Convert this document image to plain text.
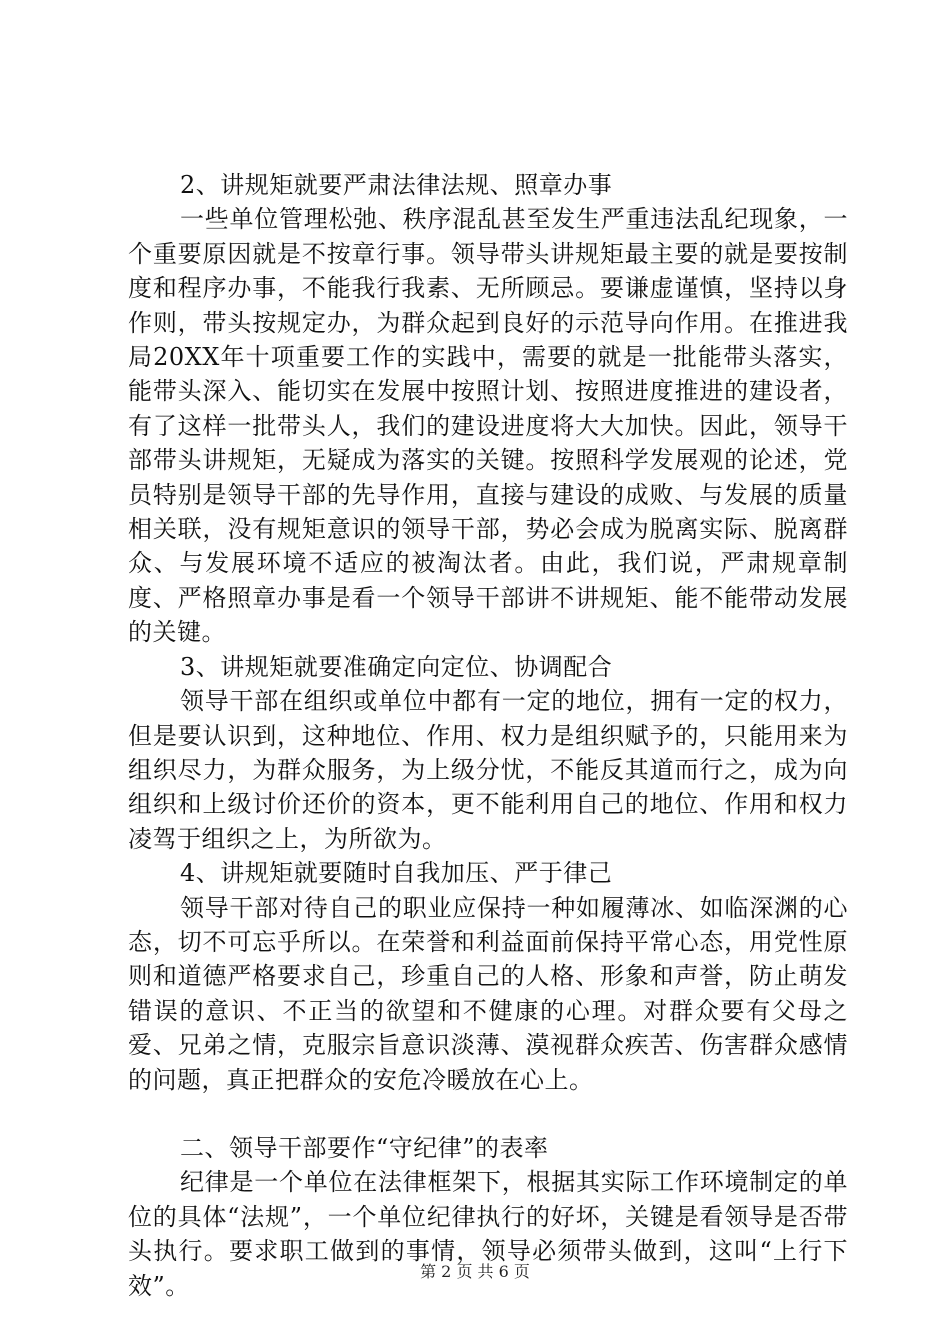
2、讲规矩就要严肃法律法规、照章办事

一些单位管理松弛、秩序混乱甚至发生严重违法乱纪现象，一个重要原因就是不按章行事。领导带头讲规矩最主要的就是要按制度和程序办事，不能我行我素、无所顾忌。要谦虚谨慎，坚持以身作则，带头按规定办，为群众起到良好的示范导向作用。在推进我局20XX年十项重要工作的实践中，需要的就是一批能带头落实，能带头深入、能切实在发展中按照计划、按照进度推进的建设者，有了这样一批带头人，我们的建设进度将大大加快。因此，领导干部带头讲规矩，无疑成为落实的关键。按照科学发展观的论述，党员特别是领导干部的先导作用，直接与建设的成败、与发展的质量相关联，没有规矩意识的领导干部，势必会成为脱离实际、脱离群众、与发展环境不适应的被淘汰者。由此，我们说，严肃规章制度、严格照章办事是看一个领导干部讲不讲规矩、能不能带动发展的关键。

3、讲规矩就要准确定向定位、协调配合

领导干部在组织或单位中都有一定的地位，拥有一定的权力，但是要认识到，这种地位、作用、权力是组织赋予的，只能用来为组织尽力，为群众服务，为上级分忧，不能反其道而行之，成为向组织和上级讨价还价的资本，更不能利用自己的地位、作用和权力凌驾于组织之上，为所欲为。

4、讲规矩就要随时自我加压、严于律己

领导干部对待自己的职业应保持一种如履薄冰、如临深渊的心态，切不可忘乎所以。在荣誉和利益面前保持平常心态，用党性原则和道德严格要求自己，珍重自己的人格、形象和声誉，防止萌发错误的意识、不正当的欲望和不健康的心理。对群众要有父母之爱、兄弟之情，克服宗旨意识淡薄、漠视群众疾苦、伤害群众感情的问题，真正把群众的安危冷暖放在心上。

二、领导干部要作“守纪律”的表率

纪律是一个单位在法律框架下，根据其实际工作环境制定的单位的具体“法规”，一个单位纪律执行的好坏，关键是看领导是否带头执行。要求职工做到的事情，领导必须带头做到，这叫“上行下效”。

第 2 页 共 6 页
